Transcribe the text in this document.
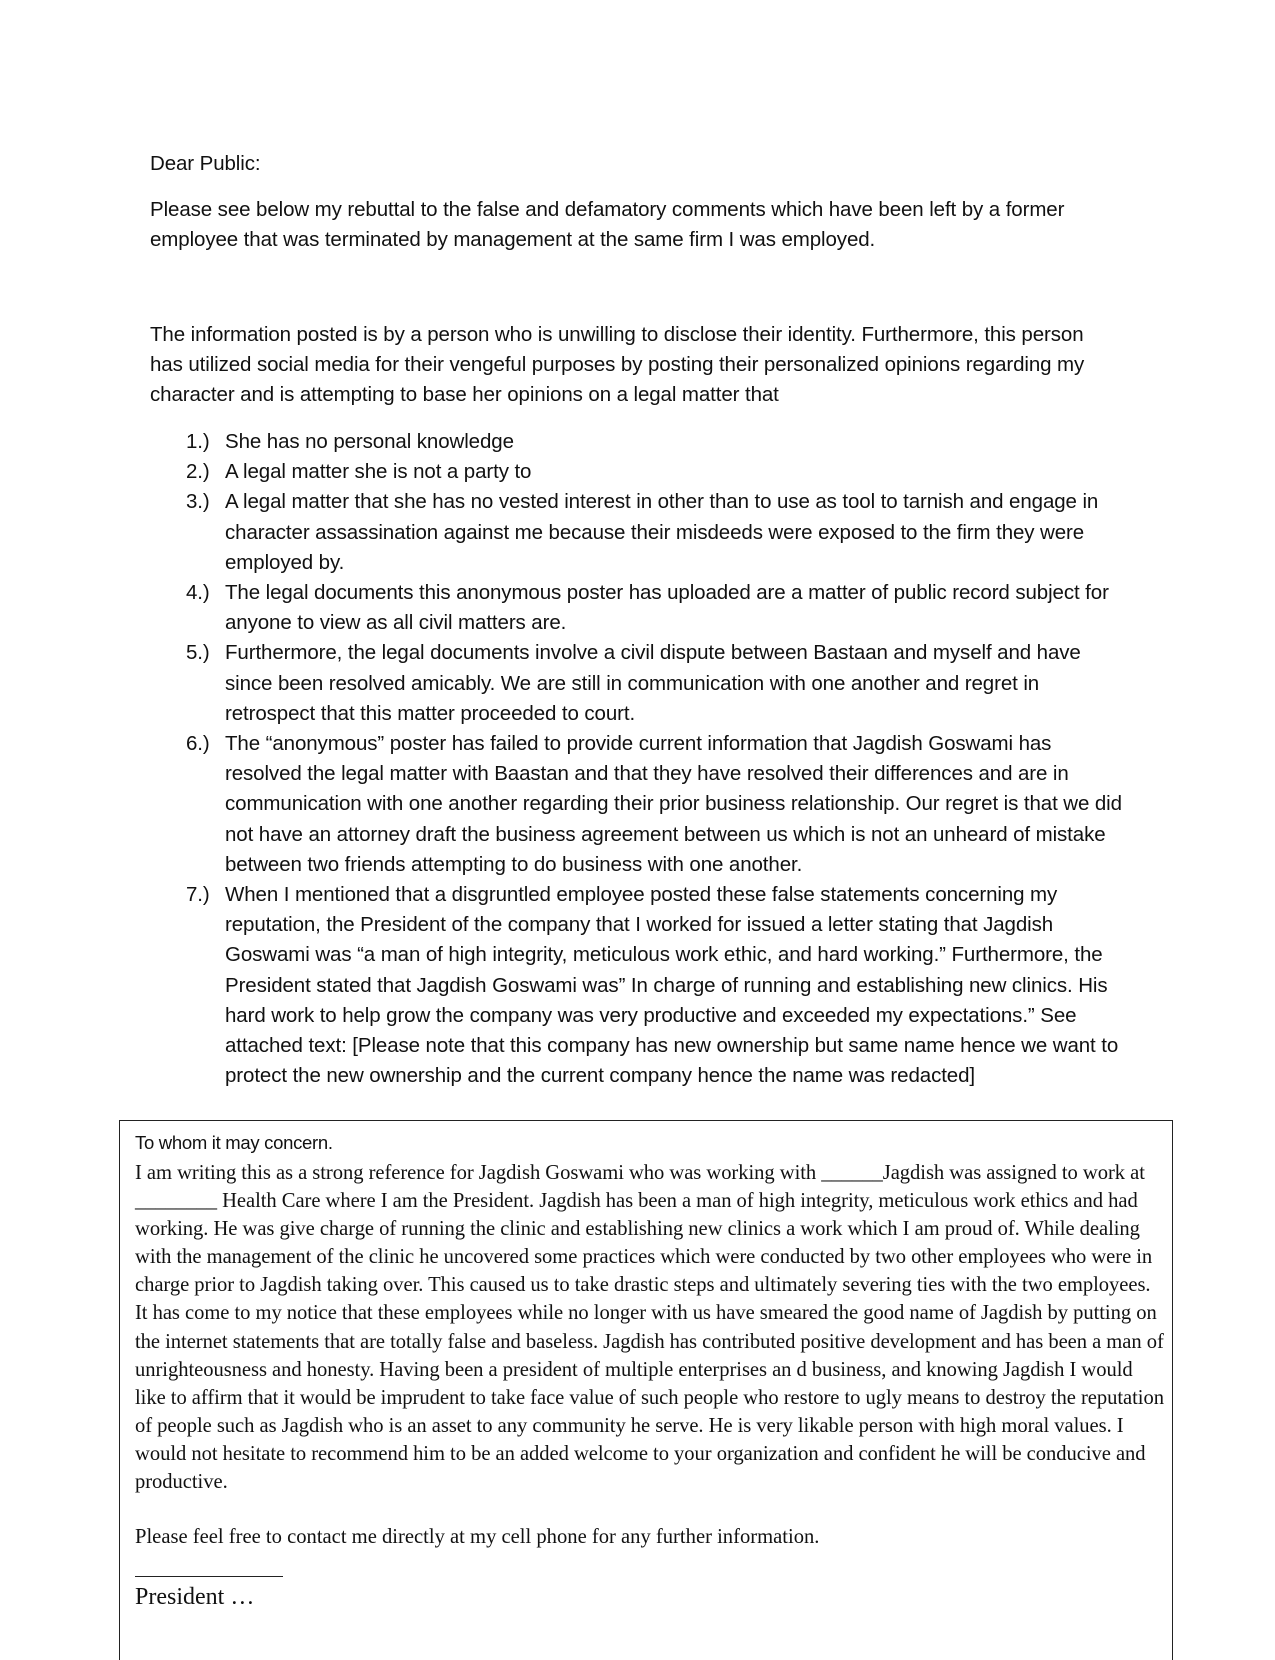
Dear Public:

Please see below my rebuttal to the false and defamatory comments which have been left by a former employee that was terminated by management at the same firm I was employed.

The information posted is by a person who is unwilling to disclose their identity. Furthermore, this person has utilized social media for their vengeful purposes by posting their personalized opinions regarding my character and is attempting to base her opinions on a legal matter that

1.) She has no personal knowledge
2.) A legal matter she is not a party to
3.) A legal matter that she has no vested interest in other than to use as tool to tarnish and engage in character assassination against me because their misdeeds were exposed to the firm they were employed by.
4.) The legal documents this anonymous poster has uploaded are a matter of public record subject for anyone to view as all civil matters are.
5.) Furthermore, the legal documents involve a civil dispute between Bastaan and myself and have since been resolved amicably. We are still in communication with one another and regret in retrospect that this matter proceeded to court.
6.) The “anonymous” poster has failed to provide current information that Jagdish Goswami has resolved the legal matter with Baastan and that they have resolved their differences and are in communication with one another regarding their prior business relationship. Our regret is that we did not have an attorney draft the business agreement between us which is not an unheard of mistake between two friends attempting to do business with one another.
7.) When I mentioned that a disgruntled employee posted these false statements concerning my reputation, the President of the company that I worked for issued a letter stating that Jagdish Goswami was “a man of high integrity, meticulous work ethic, and hard working.” Furthermore, the President stated that Jagdish Goswami was” In charge of running and establishing new clinics. His hard work to help grow the company was very productive and exceeded my expectations.” See attached text: [Please note that this company has new ownership but same name hence we want to protect the new ownership and the current company hence the name was redacted]

To whom it may concern.

I am writing this as a strong reference for Jagdish Goswami who was working with ______Jagdish was assigned to work at ________ Health Care where I am the President. Jagdish has been a man of high integrity, meticulous work ethics and had working. He was give charge of running the clinic and establishing new clinics a work which I am proud of. While dealing with the management of the clinic he uncovered some practices which were conducted by two other employees who were in charge prior to Jagdish taking over. This caused us to take drastic steps and ultimately severing ties with the two employees. It has come to my notice that these employees while no longer with us have smeared the good name of Jagdish by putting on the internet statements that are totally false and baseless. Jagdish has contributed positive development and has been a man of unrighteousness and honesty. Having been a president of multiple enterprises an d business, and knowing Jagdish I would like to affirm that it would be imprudent to take face value of such people who restore to ugly means to destroy the reputation of people such as Jagdish who is an asset to any community he serve. He is very likable person with high moral values. I would not hesitate to recommend him to be an added welcome to your organization and confident he will be conducive and productive.

Please feel free to contact me directly at my cell phone for any further information.

President …
